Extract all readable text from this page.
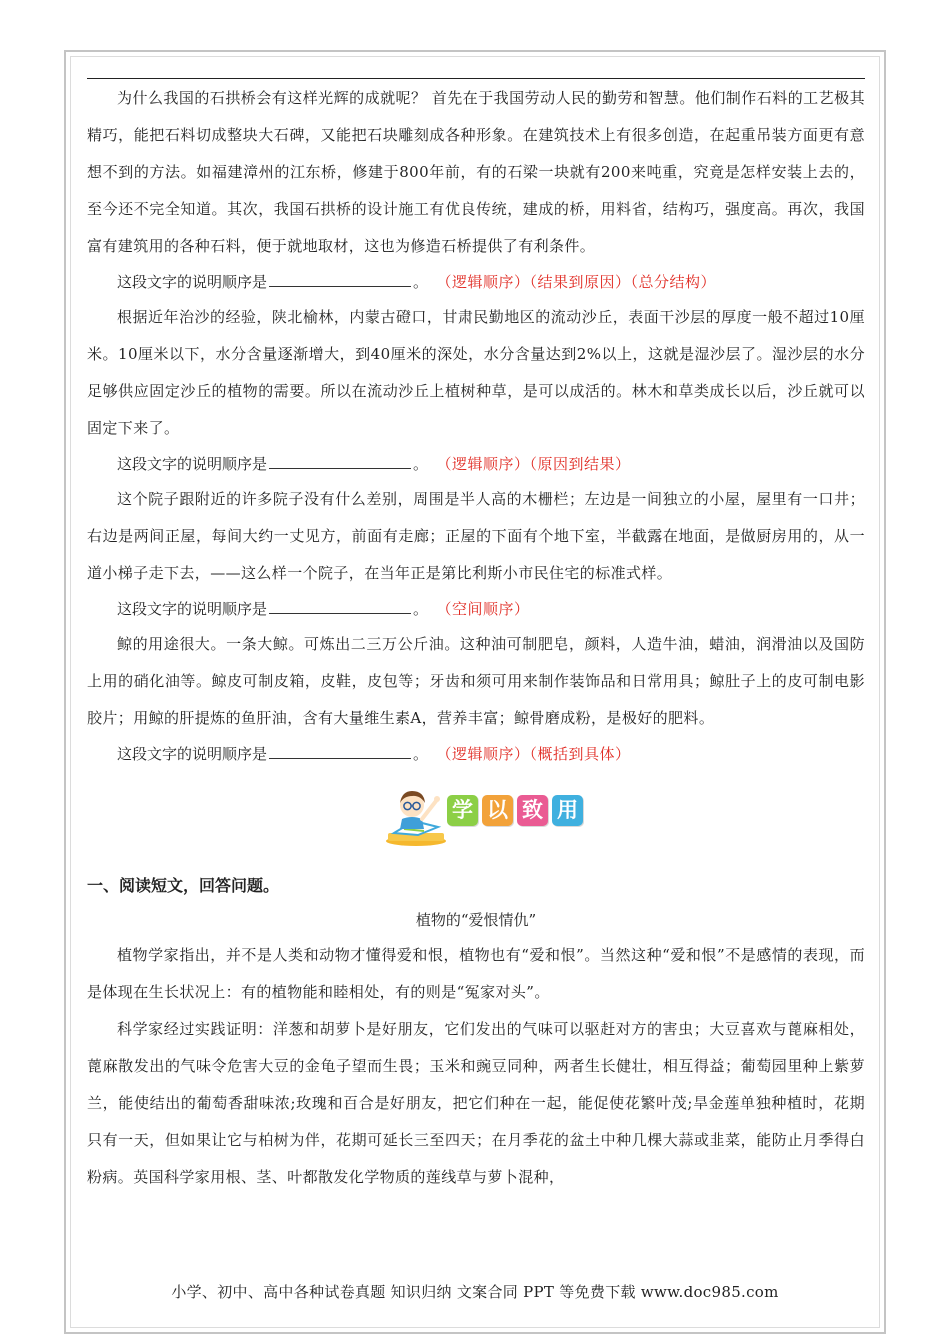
为什么我国的石拱桥会有这样光辉的成就呢？ 首先在于我国劳动人民的勤劳和智慧。他们制作石料的工艺极其精巧，能把石料切成整块大石碑，又能把石块雕刻成各种形象。在建筑技术上有很多创造，在起重吊装方面更有意想不到的方法。如福建漳州的江东桥，修建于800年前，有的石梁一块就有200来吨重，究竟是怎样安装上去的，至今还不完全知道。其次，我国石拱桥的设计施工有优良传统，建成的桥，用料省，结构巧，强度高。再次，我国富有建筑用的各种石料，便于就地取材，这也为修造石桥提供了有利条件。

这段文字的说明顺序是	。 （逻辑顺序）（结果到原因）（总分结构）

根据近年治沙的经验，陕北榆林，内蒙古磴口，甘肃民勤地区的流动沙丘，表面干沙层的厚度一般不超过10厘米。10厘米以下，水分含量逐渐增大，到40厘米的深处，水分含量达到2%以上，这就是湿沙层了。湿沙层的水分足够供应固定沙丘的植物的需要。所以在流动沙丘上植树种草，是可以成活的。林木和草类成长以后，沙丘就可以固定下来了。

这段文字的说明顺序是	。 （逻辑顺序）（原因到结果）

这个院子跟附近的许多院子没有什么差别，周围是半人高的木栅栏；左边是一间独立的小屋，屋里有一口井；右边是两间正屋，每间大约一丈见方，前面有走廊；正屋的下面有个地下室，半截露在地面，是做厨房用的，从一道小梯子走下去，——这么样一个院子，在当年正是第比利斯小市民住宅的标准式样。

这段文字的说明顺序是	。 （空间顺序）

鲸的用途很大。一条大鲸。可炼出二三万公斤油。这种油可制肥皂，颜料，人造牛油，蜡油，润滑油以及国防上用的硝化油等。鲸皮可制皮箱，皮鞋，皮包等；牙齿和须可用来制作装饰品和日常用具；鲸肚子上的皮可制电影胶片；用鲸的肝提炼的鱼肝油，含有大量维生素A，营养丰富；鲸骨磨成粉，是极好的肥料。

这段文字的说明顺序是	。 （逻辑顺序）（概括到具体）

学 以 致 用

一、阅读短文，回答问题。

植物的“爱恨情仇”

植物学家指出，并不是人类和动物才懂得爱和恨，植物也有“爱和恨”。当然这种“爱和恨”不是感情的表现，而是体现在生长状况上：有的植物能和睦相处，有的则是“冤家对头”。

科学家经过实践证明：洋葱和胡萝卜是好朋友，它们发出的气味可以驱赶对方的害虫；大豆喜欢与蓖麻相处，蓖麻散发出的气味令危害大豆的金龟子望而生畏；玉米和豌豆同种，两者生长健壮，相互得益；葡萄园里种上紫萝兰，能使结出的葡萄香甜味浓;玫瑰和百合是好朋友，把它们种在一起，能促使花繁叶茂;旱金莲单独种植时，花期只有一天，但如果让它与柏树为伴，花期可延长三至四天；在月季花的盆土中种几棵大蒜或韭菜，能防止月季得白粉病。英国科学家用根、茎、叶都散发化学物质的莲线草与萝卜混种，

小学、初中、高中各种试卷真题 知识归纳 文案合同 PPT 等免费下载 www.doc985.com
